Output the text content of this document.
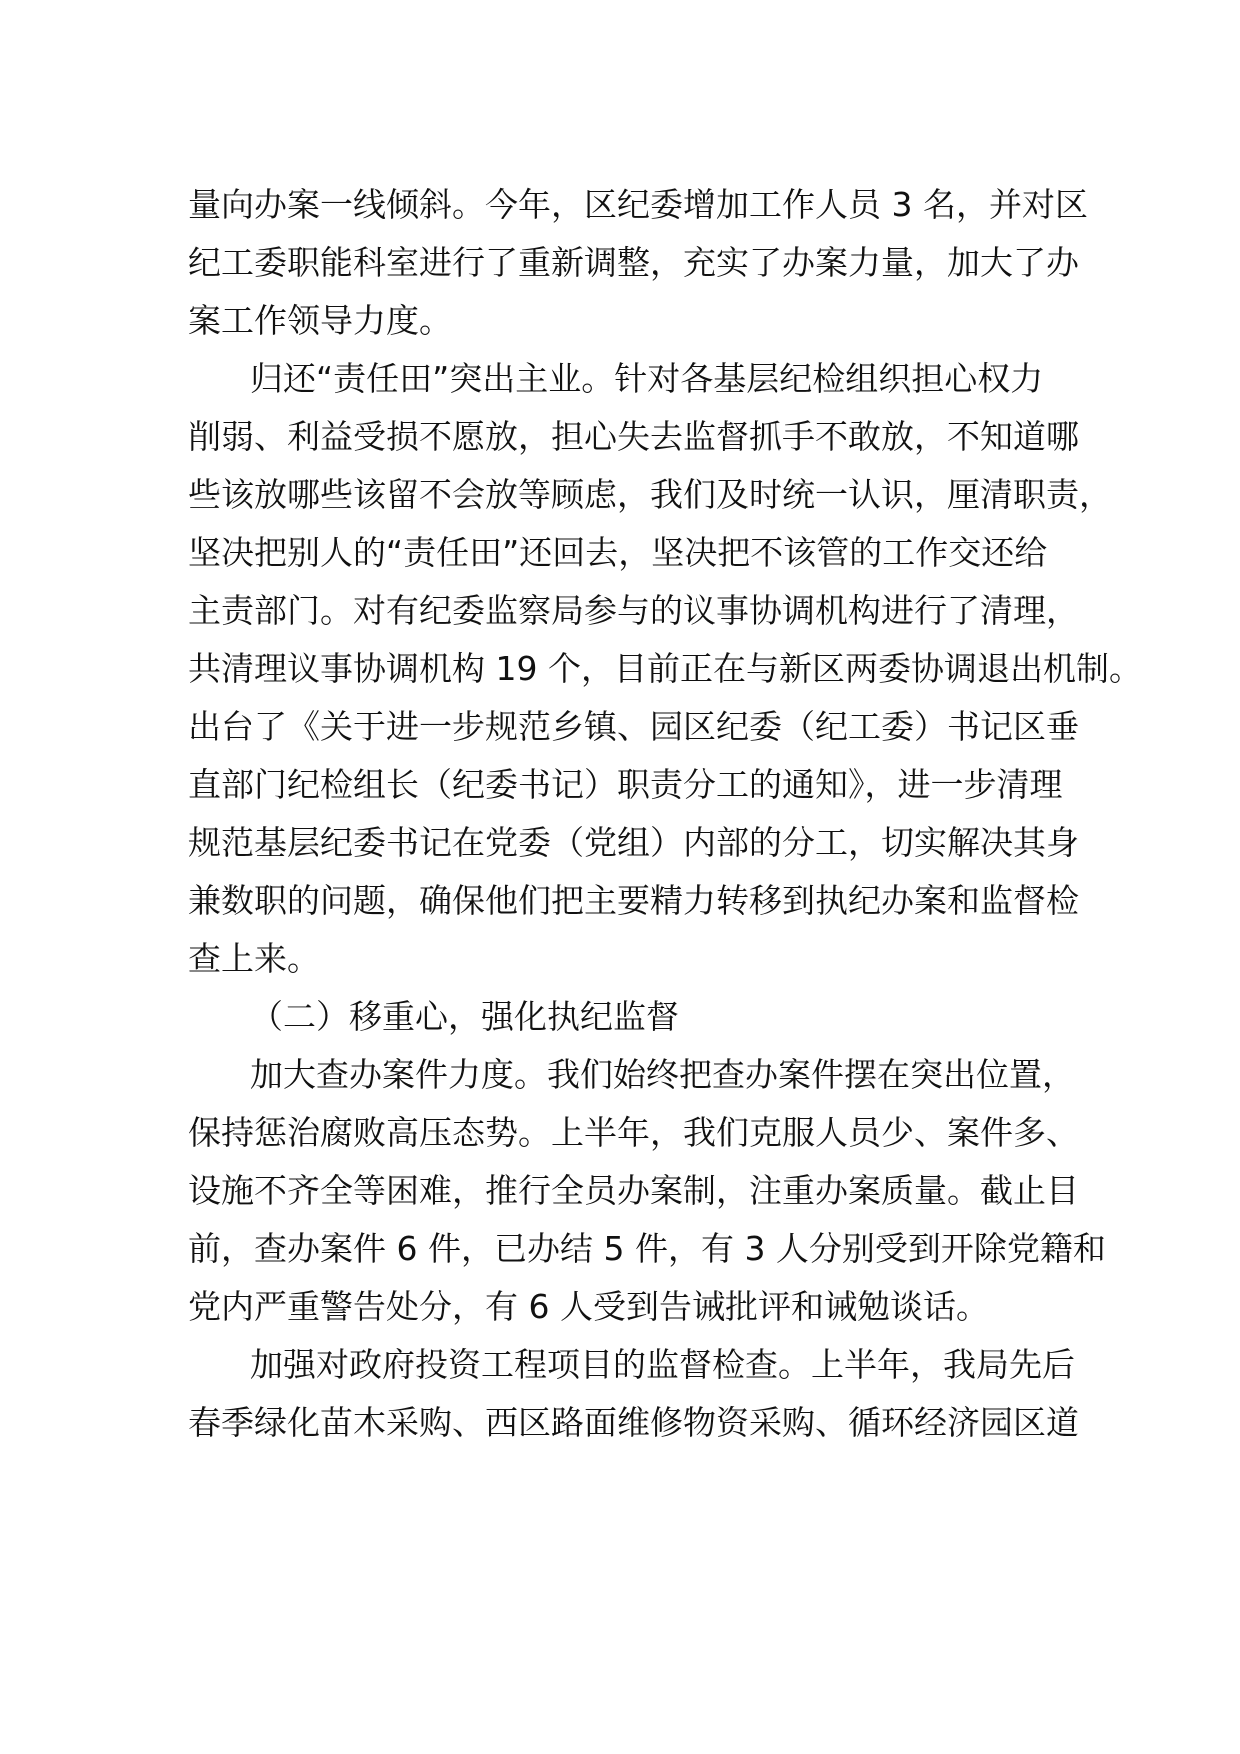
量向办案一线倾斜。今年，区纪委增加工作人员 3 名，并对区
纪工委职能科室进行了重新调整，充实了办案力量，加大了办
案工作领导力度。
归还“责任田”突出主业。针对各基层纪检组织担心权力
削弱、利益受损不愿放，担心失去监督抓手不敢放，不知道哪
些该放哪些该留不会放等顾虑，我们及时统一认识，厘清职责，
坚决把别人的“责任田”还回去，坚决把不该管的工作交还给
主责部门。对有纪委监察局参与的议事协调机构进行了清理，
共清理议事协调机构 19 个，目前正在与新区两委协调退出机制。
出台了《关于进一步规范乡镇、园区纪委（纪工委）书记区垂
直部门纪检组长（纪委书记）职责分工的通知》，进一步清理
规范基层纪委书记在党委（党组）内部的分工，切实解决其身
兼数职的问题，确保他们把主要精力转移到执纪办案和监督检
查上来。
（二）移重心，强化执纪监督
加大查办案件力度。我们始终把查办案件摆在突出位置，
保持惩治腐败高压态势。上半年，我们克服人员少、案件多、
设施不齐全等困难，推行全员办案制，注重办案质量。截止目
前，查办案件 6 件，已办结 5 件，有 3 人分别受到开除党籍和
党内严重警告处分，有 6 人受到告诫批评和诫勉谈话。
加强对政府投资工程项目的监督检查。上半年，我局先后
春季绿化苗木采购、西区路面维修物资采购、循环经济园区道
